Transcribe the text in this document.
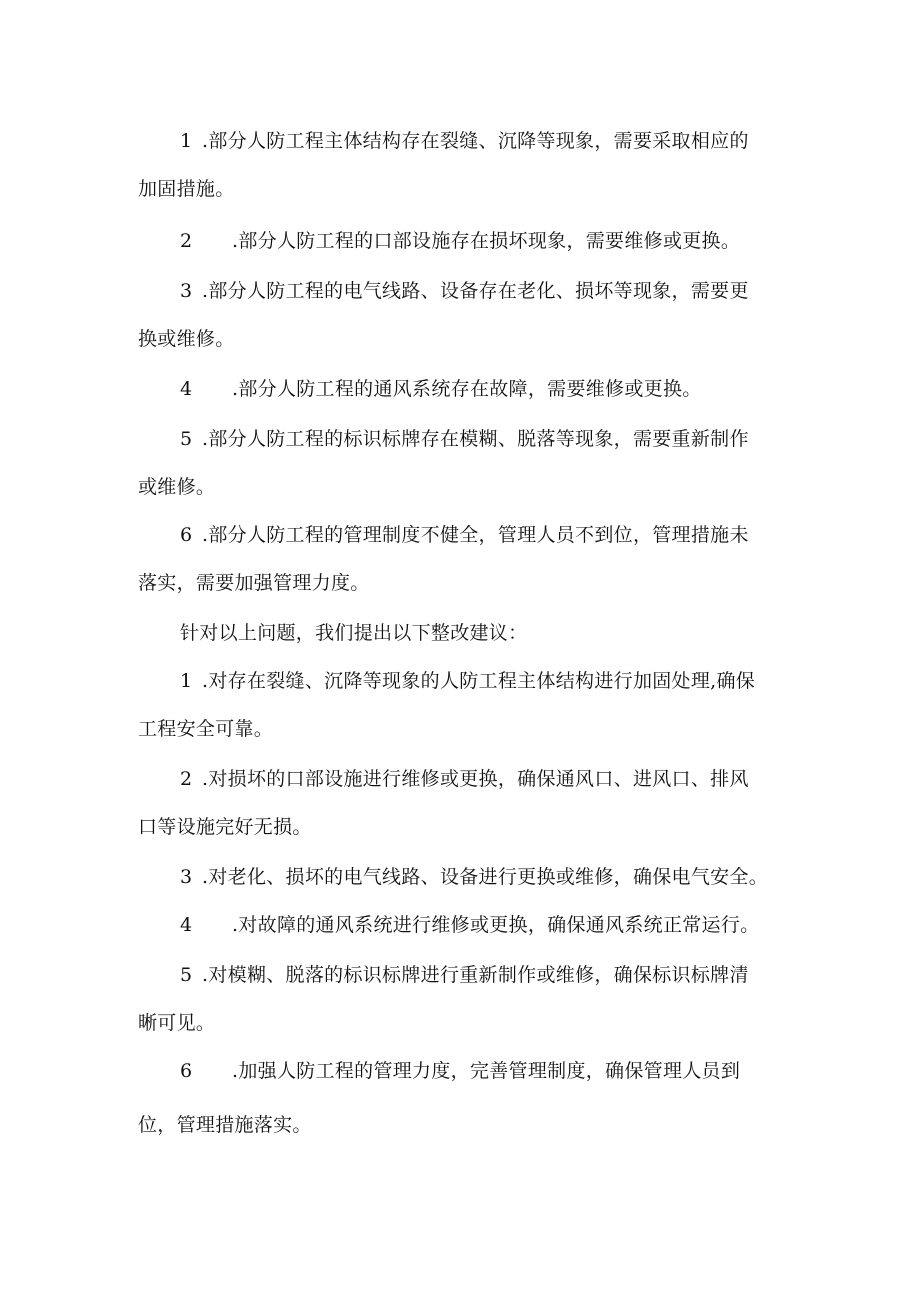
1 .部分人防工程主体结构存在裂缝、沉降等现象，需要采取相应的
加固措施。
2 .部分人防工程的口部设施存在损坏现象，需要维修或更换。
3 .部分人防工程的电气线路、设备存在老化、损坏等现象，需要更
换或维修。
4 .部分人防工程的通风系统存在故障，需要维修或更换。
5 .部分人防工程的标识标牌存在模糊、脱落等现象，需要重新制作
或维修。
6 .部分人防工程的管理制度不健全，管理人员不到位，管理措施未
落实，需要加强管理力度。
针对以上问题，我们提出以下整改建议：
1 .对存在裂缝、沉降等现象的人防工程主体结构进行加固处理,确保
工程安全可靠。
2 .对损坏的口部设施进行维修或更换，确保通风口、进风口、排风
口等设施完好无损。
3 .对老化、损坏的电气线路、设备进行更换或维修，确保电气安全。
4 .对故障的通风系统进行维修或更换，确保通风系统正常运行。
5 .对模糊、脱落的标识标牌进行重新制作或维修，确保标识标牌清
晰可见。
6 .加强人防工程的管理力度，完善管理制度，确保管理人员到
位，管理措施落实。
